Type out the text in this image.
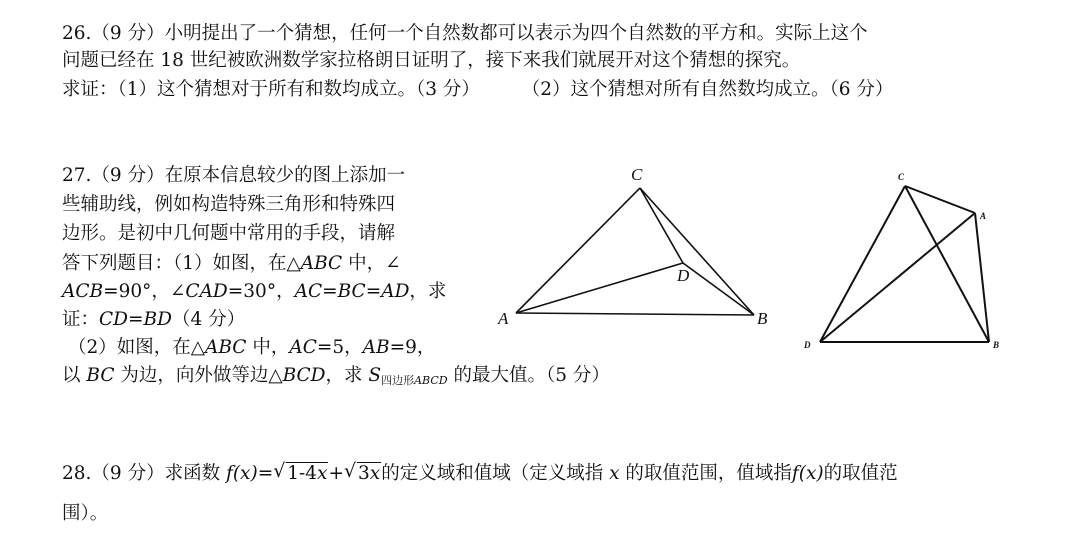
26.（9 分）小明提出了一个猜想，任何一个自然数都可以表示为四个自然数的平方和。实际上这个
问题已经在 18 世纪被欧洲数学家拉格朗日证明了，接下来我们就展开对这个猜想的探究。
求证：（1）这个猜想对于所有和数均成立。（3 分） （2）这个猜想对所有自然数均成立。（6 分）
27.（9 分）在原本信息较少的图上添加一
些辅助线，例如构造特殊三角形和特殊四
边形。是初中几何题中常用的手段，请解
答下列题目：（1）如图，在△ABC 中，∠
ACB=90°，∠CAD=30°，AC=BC=AD，求
证：CD=BD（4 分）
（2）如图，在△ABC 中，AC=5，AB=9，
以 BC 为边，向外做等边△BCD，求 $S_{四边形ABCD}$ 的最大值。（5 分）
A	B
C
D
C
A
D	B
28.（9 分）求函数 f(x)= √ 1-4x+ √ 3x的定义域和值域（定义域指 x 的取值范围，值域指f(x)的取值范
围）。
